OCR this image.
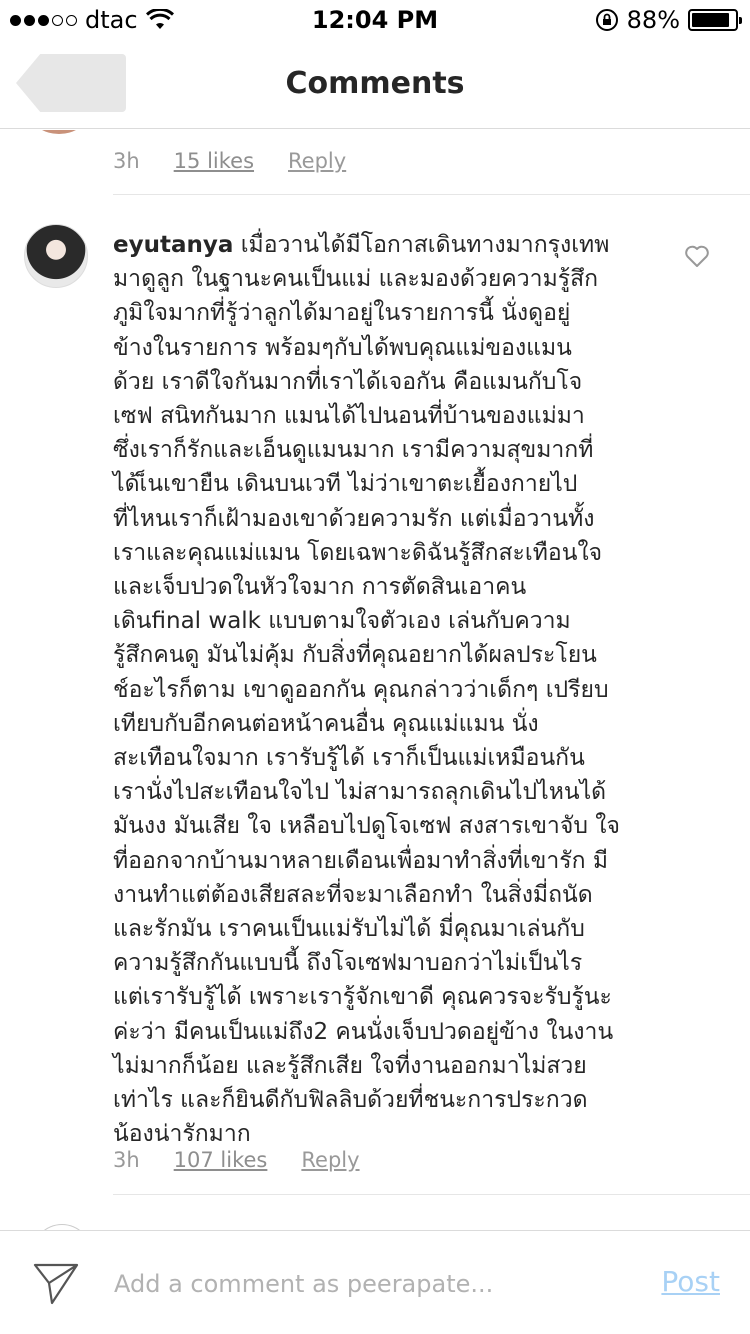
dtac	12:04 PM	88%
Comments
3h 15 likes Reply
eyutanya เมื่อวานได้มีโอกาสเดินทางมากรุงเทพ
มาดูลูก ในฐานะคนเป็นแม่ และมองด้วยความรู้สึก
ภูมิใจมากที่รู้ว่าลูกได้มาอยู่ในรายการนี้ นั่งดูอยู่
ข้างในรายการ พร้อมๆกับได้พบคุณแม่ของแมน
ด้วย เราดีใจกันมากที่เราได้เจอกัน คือแมนกับโจ
เซฟ สนิทกันมาก แมนได้ไปนอนที่บ้านของแม่มา
ซึ่งเราก็รักและเอ็นดูแมนมาก เรามีความสุขมากที่
ได้เ็นเขายืน เดินบนเวที ไม่ว่าเขาตะเยื้องกายไป
ที่ไหนเราก็เฝ้ามองเขาด้วยความรัก แต่เมื่อวานทั้ง
เราและคุณแม่แมน โดยเฉพาะดิฉันรู้สึกสะเทือนใจ
และเจ็บปวดในหัวใจมาก การตัดสินเอาคน
เดินfinal walk แบบตามใจตัวเอง เล่นกับความ
รู้สึกคนดู มันไม่คุ้ม กับสิ่งที่คุณอยากได้ผลประโยน
ช์อะไรก็ตาม เขาดูออกกัน คุณกล่าวว่าเด็กๆ เปรียบ
เทียบกับอีกคนต่อหน้าคนอื่น คุณแม่แมน นั่ง
สะเทือนใจมาก เรารับรู้ได้ เราก็เป็นแม่เหมือนกัน
เรานั่งไปสะเทือนใจไป ไม่สามารถลุกเดินไปไหนได้
มันงง มันเสีย ใจ เหลือบไปดูโจเซฟ สงสารเขาจับ ใจ
ที่ออกจากบ้านมาหลายเดือนเพื่อมาทำสิ่งที่เขารัก มี
งานทำแต่ต้องเสียสละที่จะมาเลือกทำ ในสิ่งมี่ถนัด
และรักมัน เราคนเป็นแม่รับไม่ได้ มี่คุณมาเล่นกับ
ความรู้สึกกันแบบนี้ ถึงโจเซฟมาบอกว่าไม่เป็นไร
แต่เรารับรู้ได้ เพราะเรารู้จักเขาดี คุณควรจะรับรู้นะ
ค่ะว่า มีคนเป็นแม่ถึง2 คนนั่งเจ็บปวดอยู่ข้าง ในงาน
ไม่มากก็น้อย และรู้สึกเสีย ใจที่งานออกมาไม่สวย
เท่าไร และก็ยินดีกับฟิลลิบด้วยที่ชนะการประกวด
น้องน่ารักมาก
3h 107 likes Reply
Add a comment as peerapate...
Post
